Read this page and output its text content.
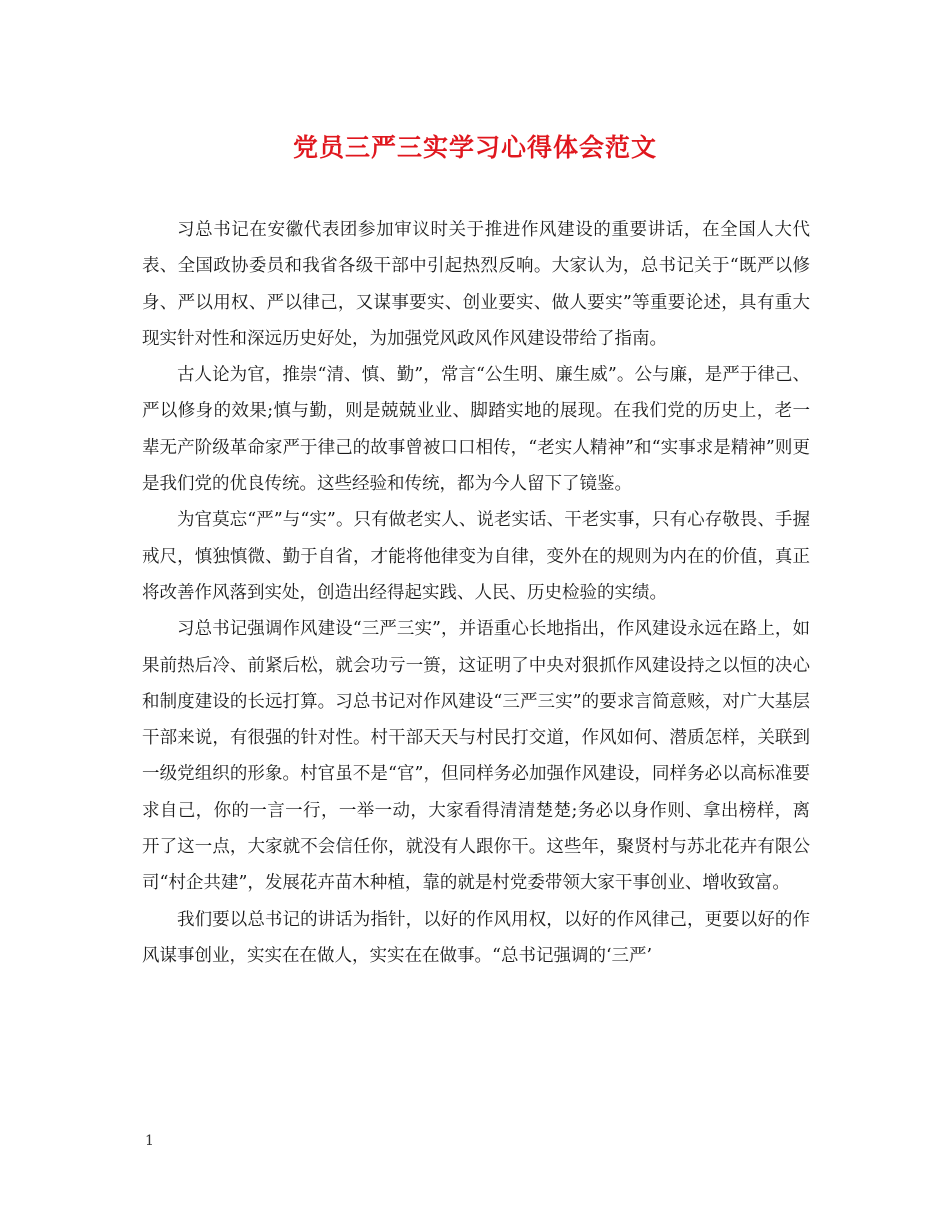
党员三严三实学习心得体会范文

习总书记在安徽代表团参加审议时关于推进作风建设的重要讲话，在全国人大代表、全国政协委员和我省各级干部中引起热烈反响。大家认为，总书记关于“既严以修身、严以用权、严以律己，又谋事要实、创业要实、做人要实”等重要论述，具有重大现实针对性和深远历史好处，为加强党风政风作风建设带给了指南。

古人论为官，推崇“清、慎、勤”，常言“公生明、廉生威”。公与廉，是严于律己、严以修身的效果;慎与勤，则是兢兢业业、脚踏实地的展现。在我们党的历史上，老一辈无产阶级革命家严于律己的故事曾被口口相传，“老实人精神”和“实事求是精神”则更是我们党的优良传统。这些经验和传统，都为今人留下了镜鉴。

为官莫忘“严”与“实”。只有做老实人、说老实话、干老实事，只有心存敬畏、手握戒尺，慎独慎微、勤于自省，才能将他律变为自律，变外在的规则为内在的价值，真正将改善作风落到实处，创造出经得起实践、人民、历史检验的实绩。

习总书记强调作风建设“三严三实”，并语重心长地指出，作风建设永远在路上，如果前热后冷、前紧后松，就会功亏一篑，这证明了中央对狠抓作风建设持之以恒的决心和制度建设的长远打算。习总书记对作风建设“三严三实”的要求言简意赅，对广大基层干部来说，有很强的针对性。村干部天天与村民打交道，作风如何、潜质怎样，关联到一级党组织的形象。村官虽不是“官”，但同样务必加强作风建设，同样务必以高标准要求自己，你的一言一行，一举一动，大家看得清清楚楚;务必以身作则、拿出榜样，离开了这一点，大家就不会信任你，就没有人跟你干。这些年，聚贤村与苏北花卉有限公司“村企共建”，发展花卉苗木种植，靠的就是村党委带领大家干事创业、增收致富。

我们要以总书记的讲话为指针，以好的作风用权，以好的作风律己，更要以好的作风谋事创业，实实在在做人，实实在在做事。“总书记强调的‘三严’

1
